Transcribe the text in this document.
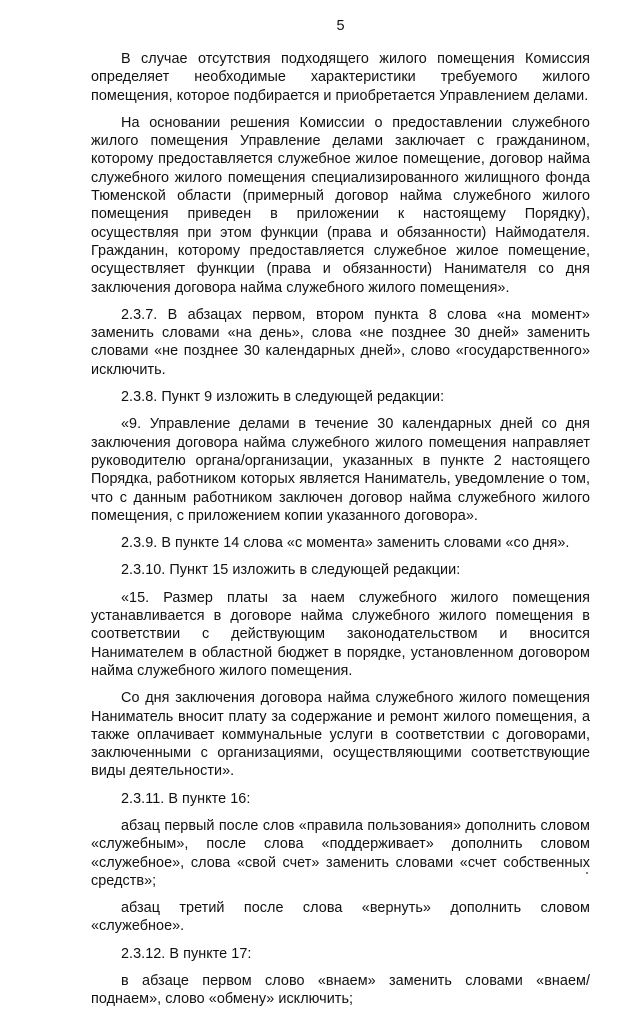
5

В случае отсутствия подходящего жилого помещения Комиссия определяет необходимые характеристики требуемого жилого помещения, которое подбирается и приобретается Управлением делами.

На основании решения Комиссии о предоставлении служебного жилого помещения Управление делами заключает с гражданином, которому предоставляется служебное жилое помещение, договор найма служебного жилого помещения специализированного жилищного фонда Тюменской области (примерный договор найма служебного жилого помещения приведен в приложении к настоящему Порядку), осуществляя при этом функции (права и обязанности) Наймодателя. Гражданин, которому предоставляется служебное жилое помещение, осуществляет функции (права и обязанности) Нанимателя со дня заключения договора найма служебного жилого помещения».

2.3.7. В абзацах первом, втором пункта 8 слова «на момент» заменить словами «на день», слова «не позднее 30 дней» заменить словами «не позднее 30 календарных дней», слово «государственного» исключить.

2.3.8. Пункт 9 изложить в следующей редакции:

«9. Управление делами в течение 30 календарных дней со дня заключения договора найма служебного жилого помещения направляет руководителю органа/организации, указанных в пункте 2 настоящего Порядка, работником которых является Наниматель, уведомление о том, что с данным работником заключен договор найма служебного жилого помещения, с приложением копии указанного договора».

2.3.9. В пункте 14 слова «с момента» заменить словами «со дня».

2.3.10. Пункт 15 изложить в следующей редакции:

«15. Размер платы за наем служебного жилого помещения устанавливается в договоре найма служебного жилого помещения в соответствии с действующим законодательством и вносится Нанимателем в областной бюджет в порядке, установленном договором найма служебного жилого помещения.

Со дня заключения договора найма служебного жилого помещения Наниматель вносит плату за содержание и ремонт жилого помещения, а также оплачивает коммунальные услуги в соответствии с договорами, заключенными с организациями, осуществляющими соответствующие виды деятельности».

2.3.11. В пункте 16:

абзац первый после слов «правила пользования» дополнить словом «служебным», после слова «поддерживает» дополнить словом «служебное», слова «свой счет» заменить словами «счет собственных средств»;

абзац третий после слова «вернуть» дополнить словом «служебное».

2.3.12. В пункте 17:

в абзаце первом слово «внаем» заменить словами «внаем/поднаем», слово «обмену» исключить;
